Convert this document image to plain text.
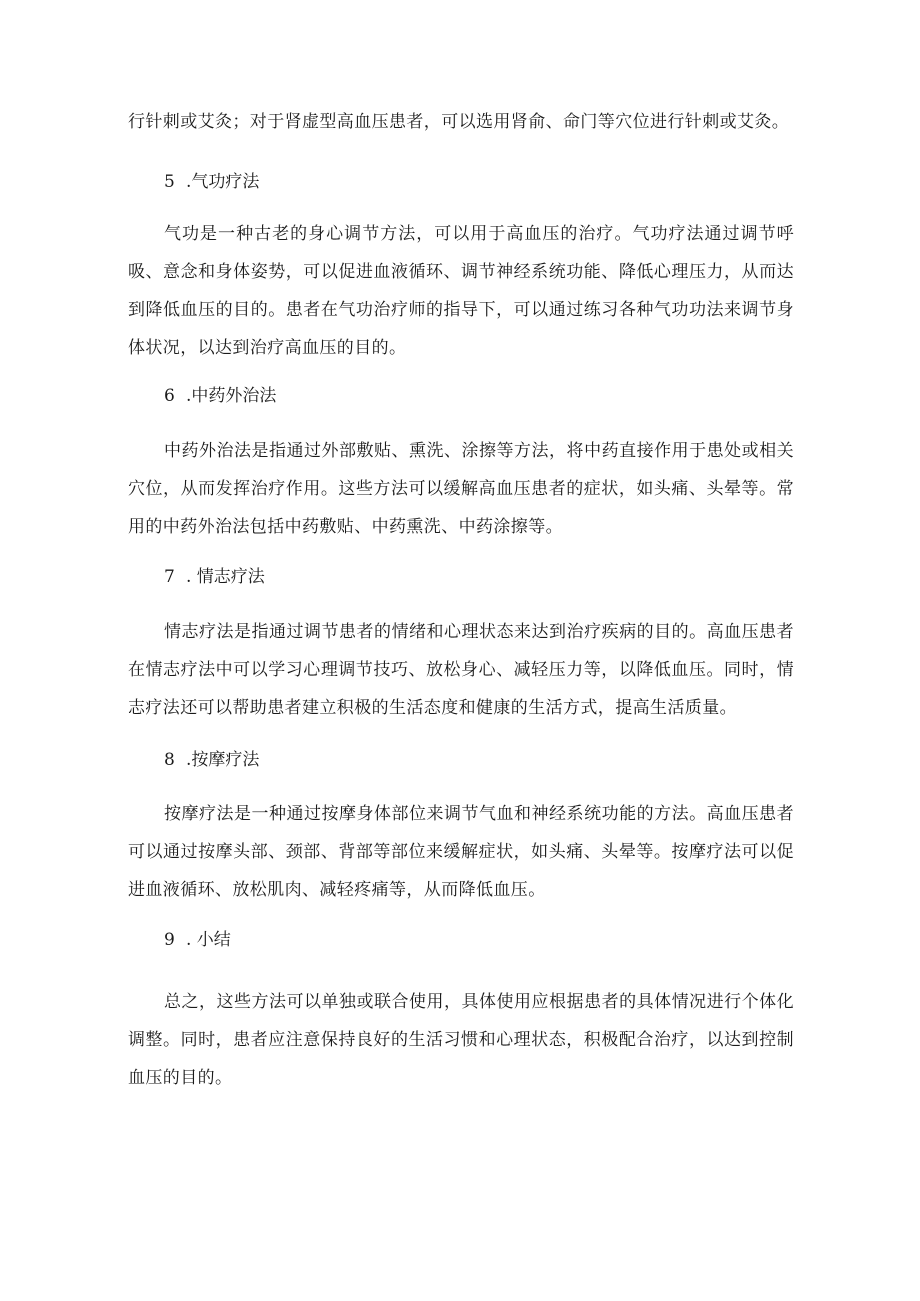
行针刺或艾灸；对于肾虚型高血压患者，可以选用肾俞、命门等穴位进行针刺或艾灸。

5 .气功疗法

气功是一种古老的身心调节方法，可以用于高血压的治疗。气功疗法通过调节呼吸、意念和身体姿势，可以促进血液循环、调节神经系统功能、降低心理压力，从而达到降低血压的目的。患者在气功治疗师的指导下，可以通过练习各种气功功法来调节身体状况，以达到治疗高血压的目的。

6 .中药外治法

中药外治法是指通过外部敷贴、熏洗、涂擦等方法，将中药直接作用于患处或相关穴位，从而发挥治疗作用。这些方法可以缓解高血压患者的症状，如头痛、头晕等。常用的中药外治法包括中药敷贴、中药熏洗、中药涂擦等。

7 . 情志疗法

情志疗法是指通过调节患者的情绪和心理状态来达到治疗疾病的目的。高血压患者在情志疗法中可以学习心理调节技巧、放松身心、减轻压力等，以降低血压。同时，情志疗法还可以帮助患者建立积极的生活态度和健康的生活方式，提高生活质量。

8 .按摩疗法

按摩疗法是一种通过按摩身体部位来调节气血和神经系统功能的方法。高血压患者可以通过按摩头部、颈部、背部等部位来缓解症状，如头痛、头晕等。按摩疗法可以促进血液循环、放松肌肉、减轻疼痛等，从而降低血压。

9 . 小结

总之，这些方法可以单独或联合使用，具体使用应根据患者的具体情况进行个体化调整。同时，患者应注意保持良好的生活习惯和心理状态，积极配合治疗，以达到控制血压的目的。
